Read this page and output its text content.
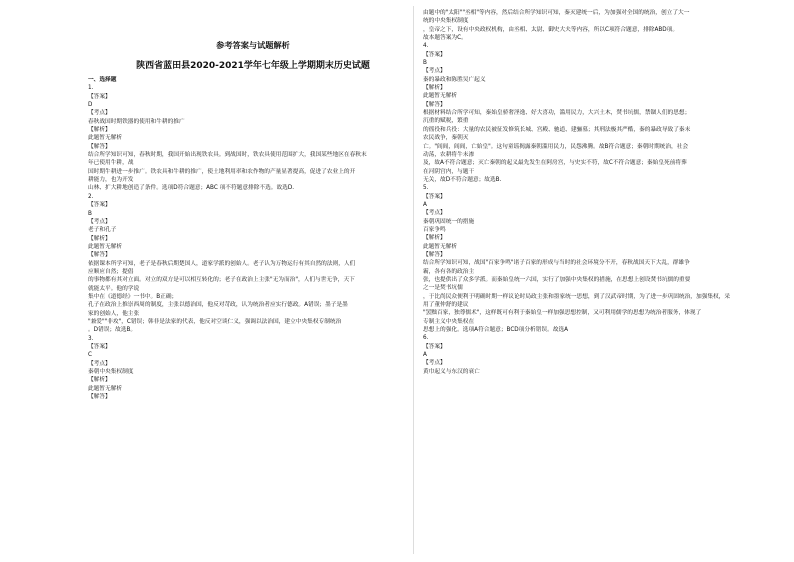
参考答案与试题解析
陕西省蓝田县2020-2021学年七年级上学期期末历史试题
一、选择题
1.
【答案】
D
【考点】
春秋战国时期铁器的使用和牛耕的推广
【解析】
此题暂无解析
【解答】
结合所学知识可知，春秋时期，我国开始出现铁农具。到战国时，铁农具使用范围扩大，我国某些地区在春秋末
年已使用牛耕，战
国时期牛耕进一步推广。铁农具和牛耕的推广，使土地利用率和农作物的产量显著提高，促进了农业上的开
耕能力，也为开发
山林、扩大耕地创造了条件。选项D符合题意；ABC 项不符题意排除不选。故选D.
2.
【答案】
B
【考点】
老子和孔子
【解析】
此题暂无解析
【解答】
依据课本所学可知，老子是春秋后期楚国人，道家学派的创始人。老子认为万物运行有其自然的法则，人们
应顺应自然；提倡
的事物都有其对立面。对立的双方是可以相互转化的；老子在政治上主张"无为而治"，人们与世无争，天下
就能太平。他的学说
集中在《道德经》一书中。B正确；
孔子在政治上推崇西周的制度，主张以德治国，他反对苛政，认为统治者应实行德政。A错误；墨子是墨
家的创始人，他主张
"兼爱""非攻"，C错误；韩非是法家的代表，他反对空谈仁义，强调以法治国，建立中央集权专制统治
。D错误；故选B。
3.
【答案】
C
【考点】
秦朝中央集权制度
【解析】
此题暂无解析
【解答】
由题中的"太阳""丞相"等内容，然后结合所学知识可知，秦灭建统一后，为加强对全国的统治，创立了大一
统的中央集权制度
，皇帝之下，设有中央政权机构，由丞相、太尉、御史大夫等内容，所以C项符合题意，排除ABD项。
故本题答案为C。
4.
【答案】
B
【考点】
秦的暴政和陈胜吴广起义
【解析】
此题暂无解析
【解答】
根据材料结合所学可知，秦始皇骄奢淫逸、好大喜功，滥用民力，大兴土木，焚书坑儒，禁锢人们的思想；
沉重的赋税，繁重
的徭役和兵役：大量的农民被征发修筑长城、宫殿、驰道、建骊墓；其刑法极其严酷，秦的暴政导致了秦末
农民战争，秦朝灭
亡。"闾阎，闾阎，亡始皇"。这句童谣揭露秦朝滥用民力，民怨沸腾。故B符合题意；秦朝时期统治，社会
动荡，农耕将牛未渗
及，故A不符合题意；灭亡秦朝的起义最先发生在阿房宫，与史实不符，故C不符合题意；秦始皇死前将葬
在河阴宫内，与题干
无关，故D不符合题意；故选B.
5.
【答案】
A
【考点】
秦朝巩固统一的措施
百家争鸣
【解析】
此题暂无解析
【解答】
结合所学知识可知，战国"百家争鸣"诸子百家的形成与当时的社会环境分不开，春秋战国天下大乱，群雄争
霸，各有各的政治主
张，也提供出了众多学派。而秦始皇统一六国，实行了加强中央集权的措施，在思想上创设焚书坑儒的重要
之一是焚书坑儒
，于比尚民众便利于明确时期一样议论时局政主张和墨家统一思想，到了汉武帝时期，为了进一步巩固统治，加强集权，采
用了董仲舒的建议
"罢黜百家，独尊儒术"，这样既可有利于秦始皇一样加强思想控制，又可利用儒学的思想为统治者服务，体现了
专制主义中央集权在
思想上的强化。选项A符合题意；BCD项分析错误。故选A
6.
【答案】
A
【考点】
黄巾起义与东汉的衰亡
